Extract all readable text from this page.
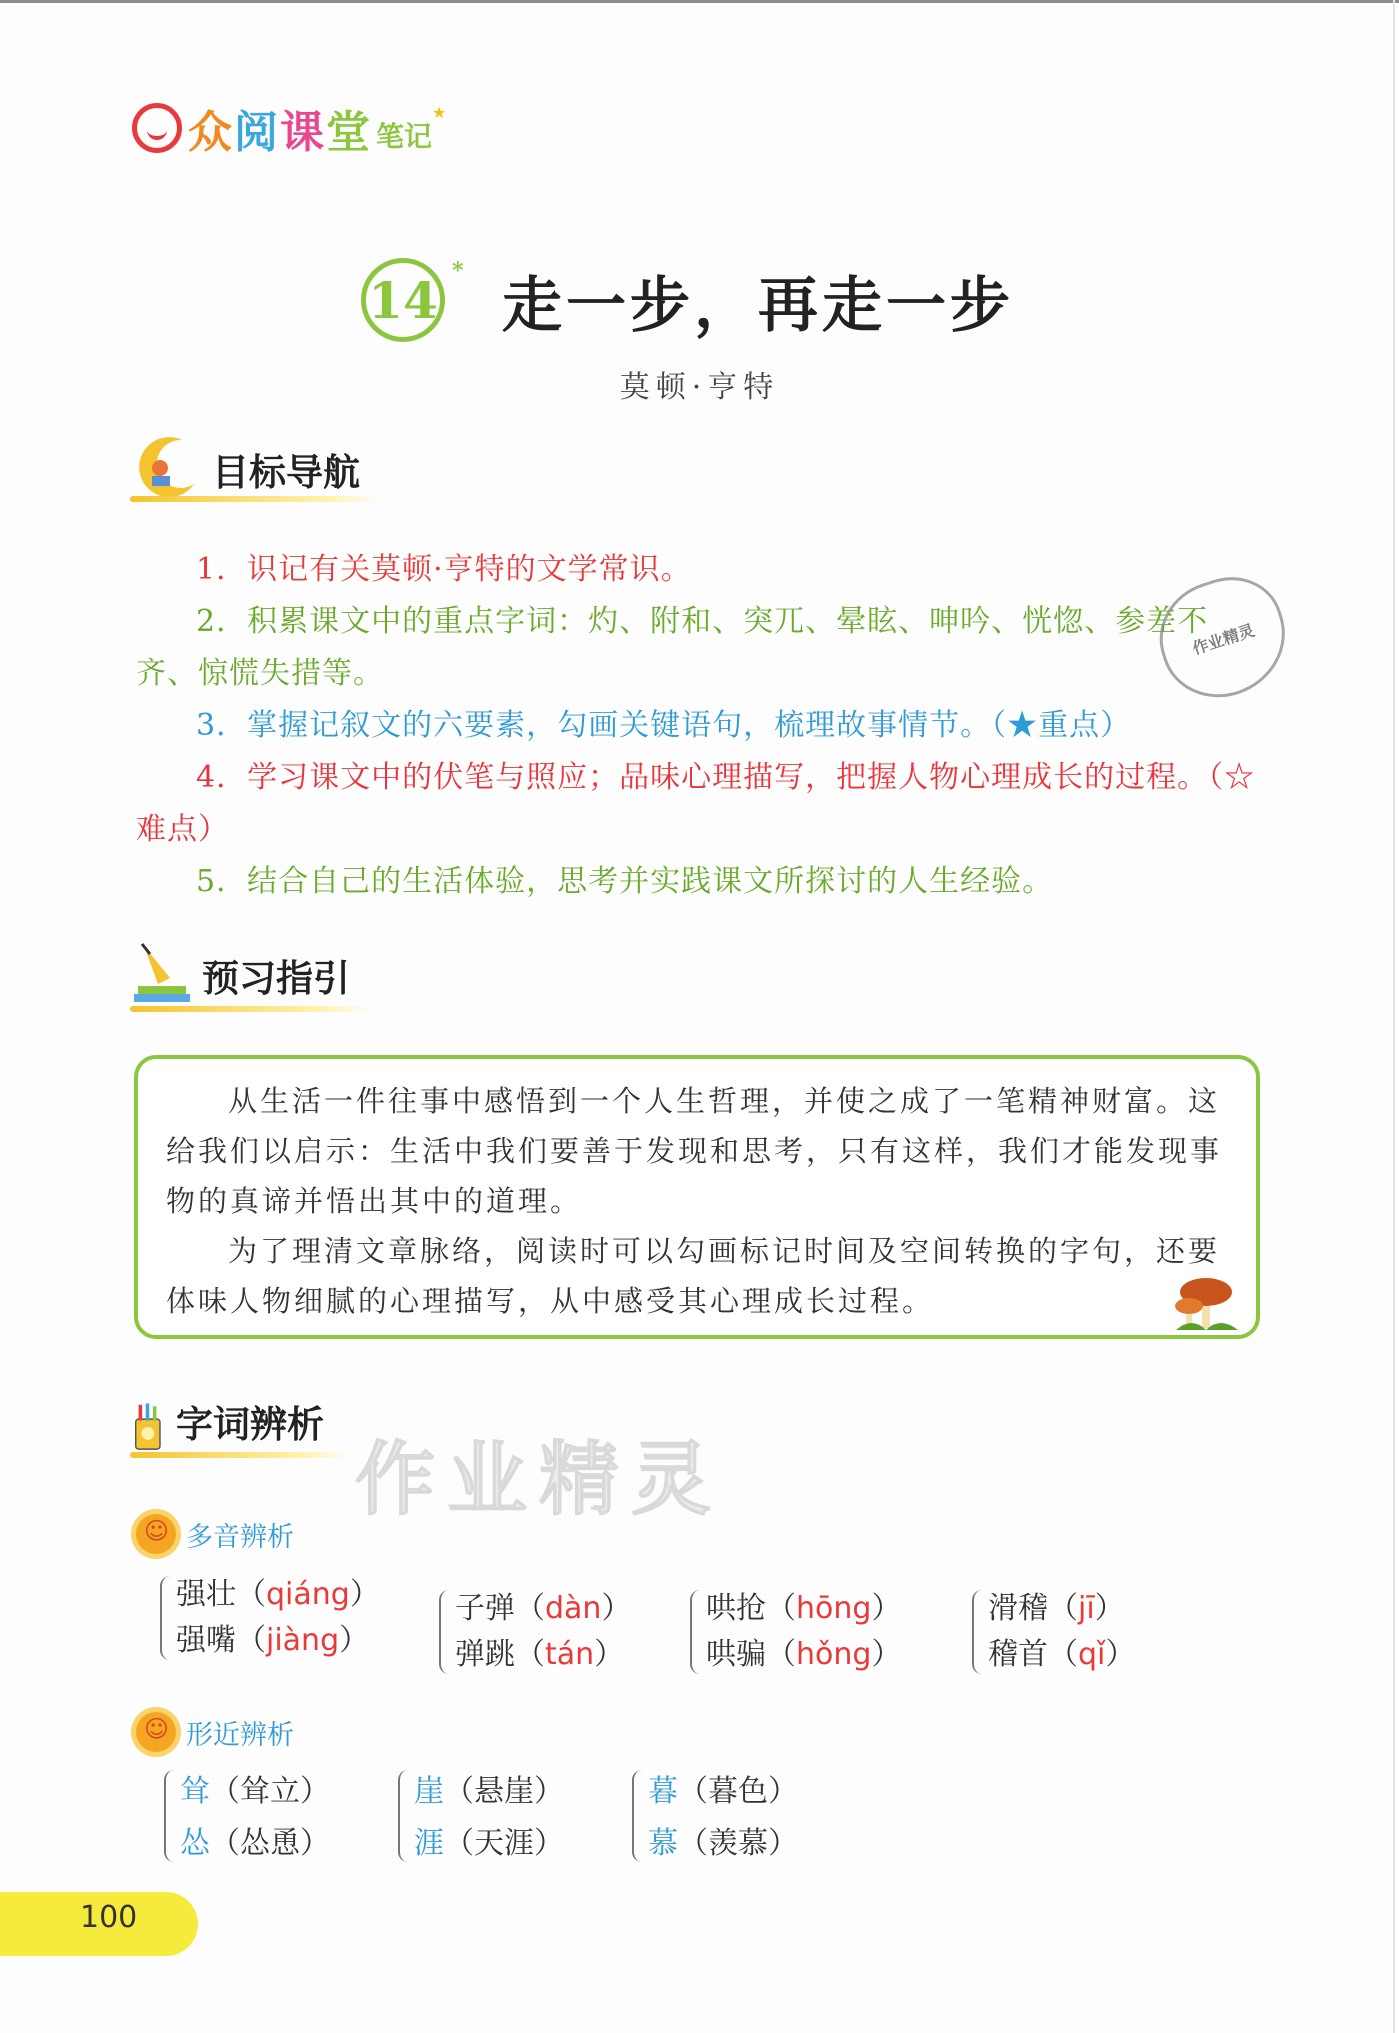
众阅课堂 笔记
★
14 * 走一步，再走一步
莫顿·亨特
目标导航
1．识记有关莫顿·亨特的文学常识。
2．积累课文中的重点字词：灼、附和、突兀、晕眩、呻吟、恍惚、参差不齐、惊慌失措等。
3．掌握记叙文的六要素，勾画关键语句，梳理故事情节。（★重点）
4．学习课文中的伏笔与照应；品味心理描写，把握人物心理成长的过程。（☆难点）
5．结合自己的生活体验，思考并实践课文所探讨的人生经验。
作业精灵
预习指引
从生活一件往事中感悟到一个人生哲理，并使之成了一笔精神财富。这给我们以启示：生活中我们要善于发现和思考，只有这样，我们才能发现事物的真谛并悟出其中的道理。
为了理清文章脉络，阅读时可以勾画标记时间及空间转换的字句，还要体味人物细腻的心理描写，从中感受其心理成长过程。
字词辨析
作业精灵
☺
多音辨析
强壮（qiáng）
强嘴（jiàng）
子弹（dàn）
弹跳（tán）
哄抢（hōng）
哄骗（hǒng）
滑稽（jī）
稽首（qǐ）
☺
形近辨析
耸（耸立）
怂（怂恿）
崖（悬崖）
涯（天涯）
暮（暮色）
慕（羡慕）
100
